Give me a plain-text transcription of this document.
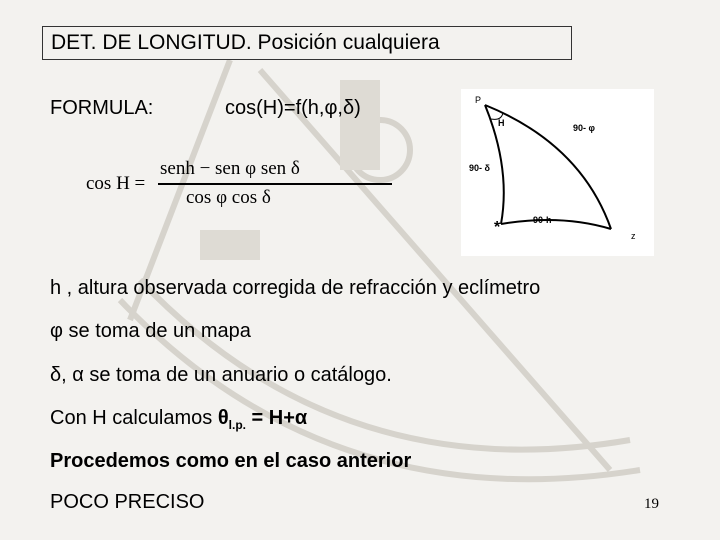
DET. DE LONGITUD. Posición cualquiera
FORMULA:	cos(H)=f(h,φ,δ)
cos H =
senh − sen φ sen δ
cos φ cos δ
P
H	90- φ
90- δ
*	90-h
z
h , altura observada corregida de refracción y eclímetro
φ se toma de un mapa
δ, α se toma de un anuario o catálogo.
Con H calculamos $\theta_{l.p.} = H+\alpha$
Procedemos como en el caso anterior
POCO PRECISO	19
